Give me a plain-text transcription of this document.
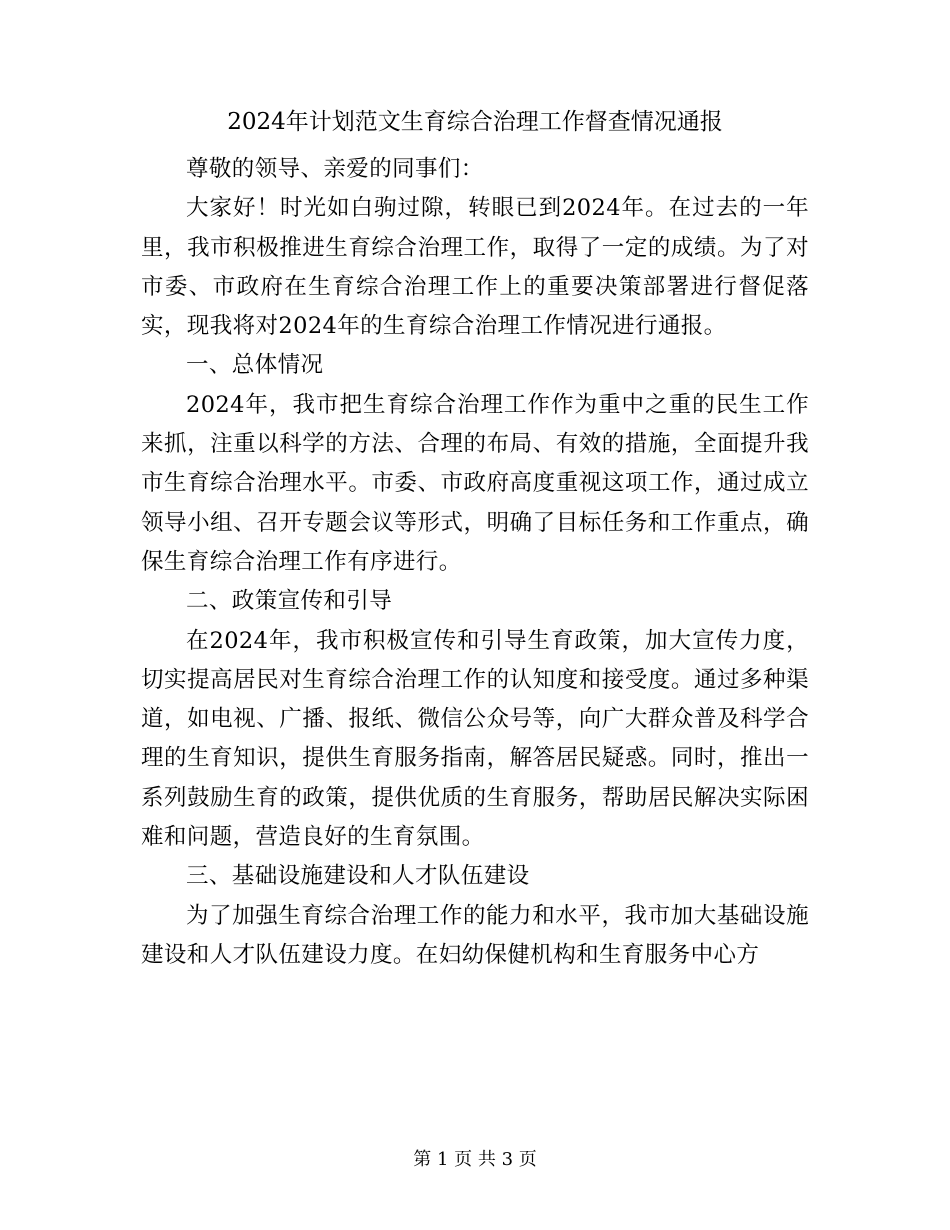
2024年计划范文生育综合治理工作督查情况通报

尊敬的领导、亲爱的同事们：

大家好！时光如白驹过隙，转眼已到2024年。在过去的一年里，我市积极推进生育综合治理工作，取得了一定的成绩。为了对市委、市政府在生育综合治理工作上的重要决策部署进行督促落实，现我将对2024年的生育综合治理工作情况进行通报。

一、总体情况

2024年，我市把生育综合治理工作作为重中之重的民生工作来抓，注重以科学的方法、合理的布局、有效的措施，全面提升我市生育综合治理水平。市委、市政府高度重视这项工作，通过成立领导小组、召开专题会议等形式，明确了目标任务和工作重点，确保生育综合治理工作有序进行。

二、政策宣传和引导

在2024年，我市积极宣传和引导生育政策，加大宣传力度，切实提高居民对生育综合治理工作的认知度和接受度。通过多种渠道，如电视、广播、报纸、微信公众号等，向广大群众普及科学合理的生育知识，提供生育服务指南，解答居民疑惑。同时，推出一系列鼓励生育的政策，提供优质的生育服务，帮助居民解决实际困难和问题，营造良好的生育氛围。

三、基础设施建设和人才队伍建设

为了加强生育综合治理工作的能力和水平，我市加大基础设施建设和人才队伍建设力度。在妇幼保健机构和生育服务中心方

第 1 页 共 3 页
